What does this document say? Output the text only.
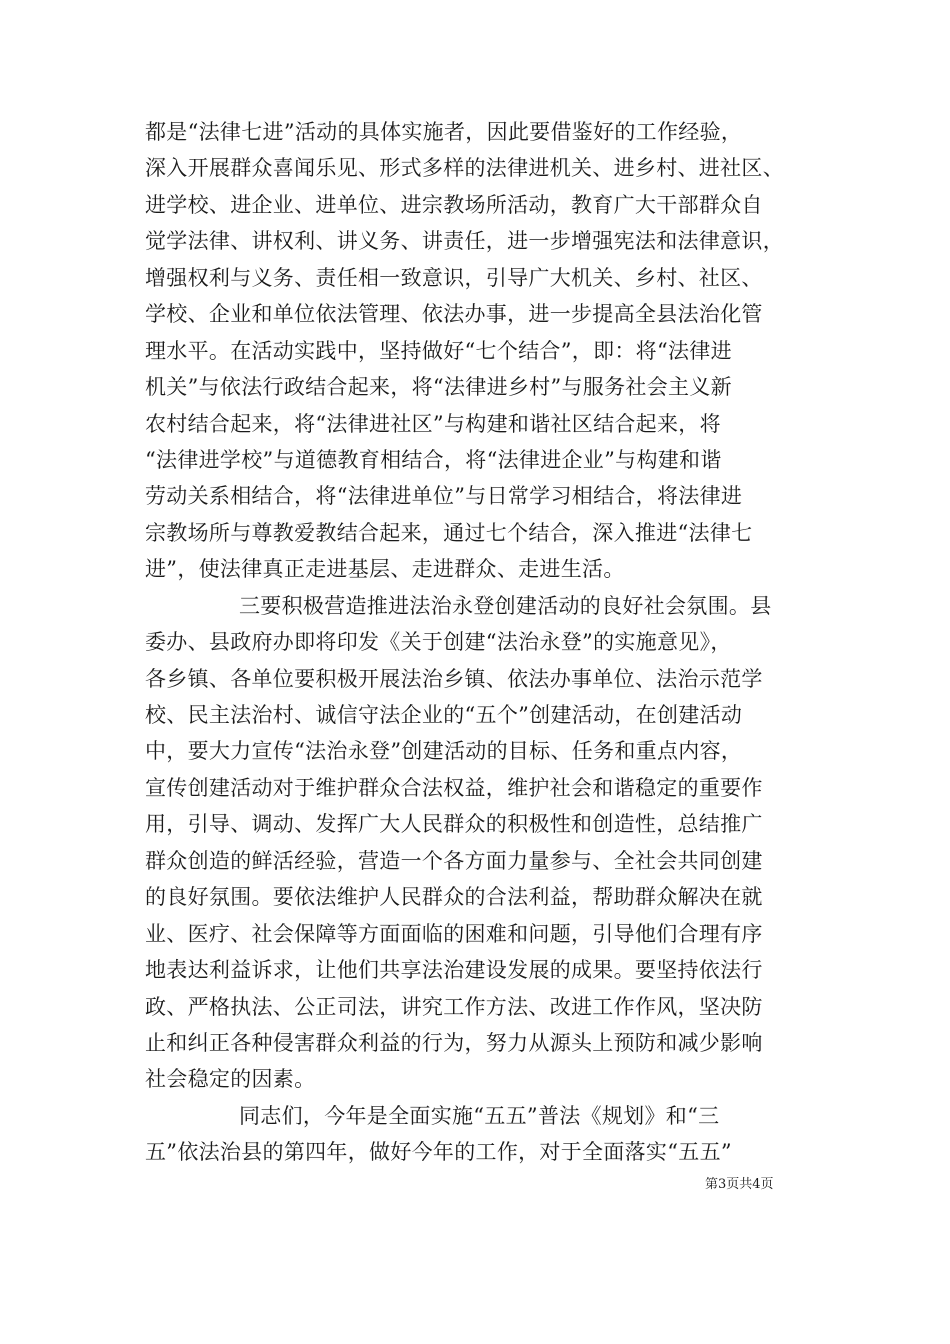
都是“法律七进”活动的具体实施者，因此要借鉴好的工作经验，
深入开展群众喜闻乐见、形式多样的法律进机关、进乡村、进社区、
进学校、进企业、进单位、进宗教场所活动，教育广大干部群众自
觉学法律、讲权利、讲义务、讲责任，进一步增强宪法和法律意识，
增强权利与义务、责任相一致意识，引导广大机关、乡村、社区、
学校、企业和单位依法管理、依法办事，进一步提高全县法治化管
理水平。在活动实践中，坚持做好“七个结合”，即：将“法律进
机关”与依法行政结合起来，将“法律进乡村”与服务社会主义新
农村结合起来，将“法律进社区”与构建和谐社区结合起来，将
“法律进学校”与道德教育相结合，将“法律进企业”与构建和谐
劳动关系相结合，将“法律进单位”与日常学习相结合，将法律进
宗教场所与尊教爱教结合起来，通过七个结合，深入推进“法律七
进”，使法律真正走进基层、走进群众、走进生活。
三要积极营造推进法治永登创建活动的良好社会氛围。县
委办、县政府办即将印发《关于创建“法治永登”的实施意见》，
各乡镇、各单位要积极开展法治乡镇、依法办事单位、法治示范学
校、民主法治村、诚信守法企业的“五个”创建活动，在创建活动
中，要大力宣传“法治永登”创建活动的目标、任务和重点内容，
宣传创建活动对于维护群众合法权益，维护社会和谐稳定的重要作
用，引导、调动、发挥广大人民群众的积极性和创造性，总结推广
群众创造的鲜活经验，营造一个各方面力量参与、全社会共同创建
的良好氛围。要依法维护人民群众的合法利益，帮助群众解决在就
业、医疗、社会保障等方面面临的困难和问题，引导他们合理有序
地表达利益诉求，让他们共享法治建设发展的成果。要坚持依法行
政、严格执法、公正司法，讲究工作方法、改进工作作风，坚决防
止和纠正各种侵害群众利益的行为，努力从源头上预防和减少影响
社会稳定的因素。
同志们，今年是全面实施“五五”普法《规划》和“三
五”依法治县的第四年，做好今年的工作，对于全面落实“五五”
第3页共4页
